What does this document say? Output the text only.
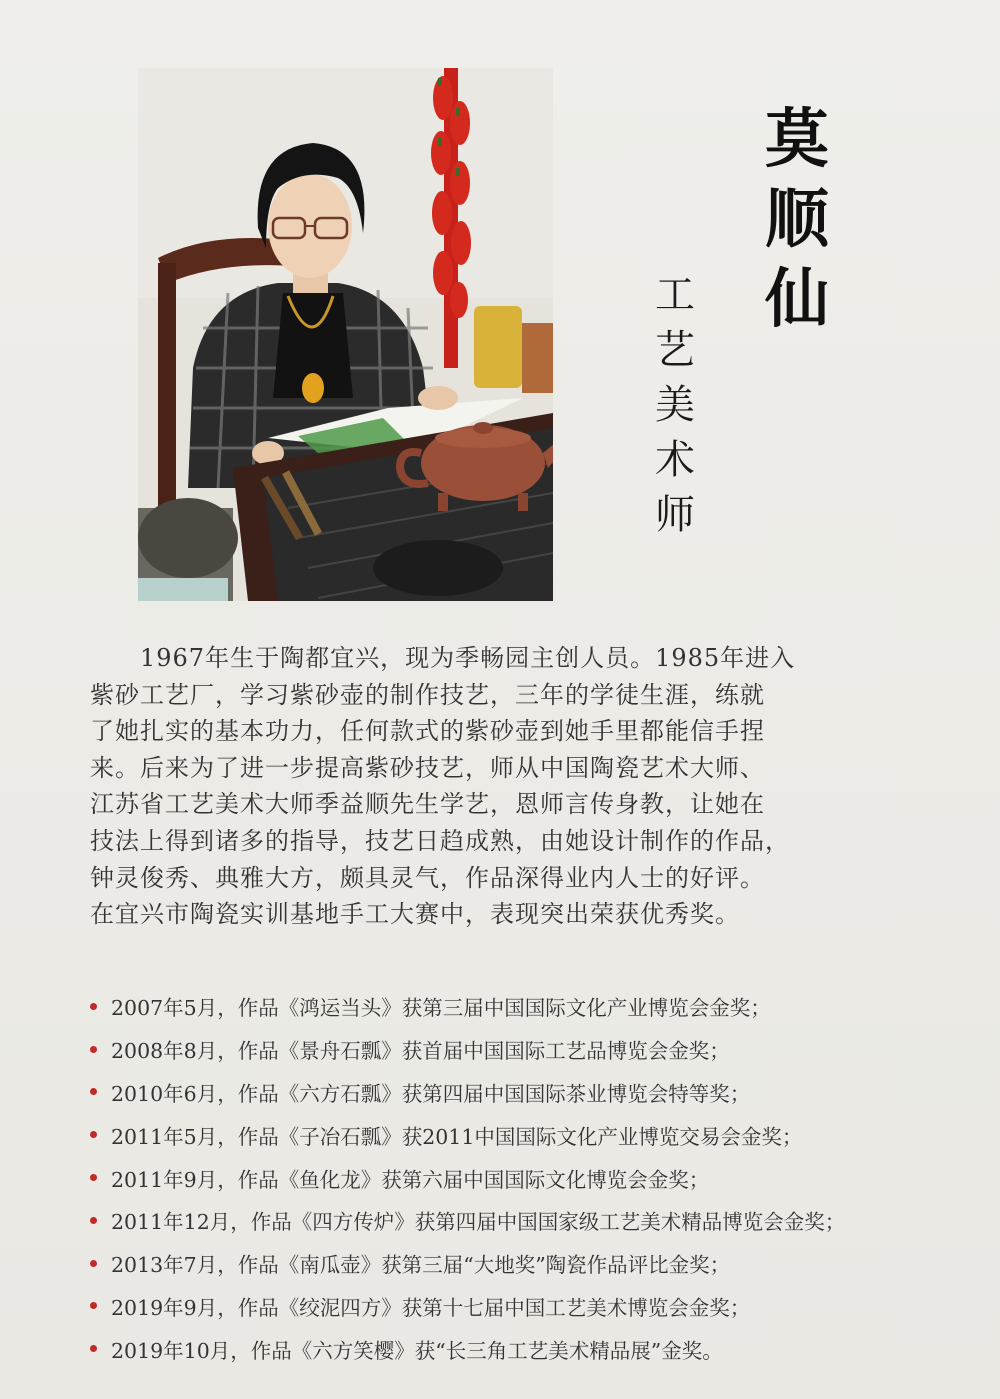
莫
顺
仙
工
艺
美
术
师
1967年生于陶都宜兴，现为季畅园主创人员。1985年进入
紫砂工艺厂，学习紫砂壶的制作技艺，三年的学徒生涯，练就
了她扎实的基本功力，任何款式的紫砂壶到她手里都能信手捏
来。后来为了进一步提高紫砂技艺，师从中国陶瓷艺术大师、
江苏省工艺美术大师季益顺先生学艺，恩师言传身教，让她在
技法上得到诸多的指导，技艺日趋成熟，由她设计制作的作品，
钟灵俊秀、典雅大方，颇具灵气，作品深得业内人士的好评。
在宜兴市陶瓷实训基地手工大赛中，表现突出荣获优秀奖。
2007年5月，作品《鸿运当头》获第三届中国国际文化产业博览会金奖；
2008年8月，作品《景舟石瓢》获首届中国国际工艺品博览会金奖；
2010年6月，作品《六方石瓢》获第四届中国国际茶业博览会特等奖；
2011年5月，作品《子冶石瓢》获2011中国国际文化产业博览交易会金奖；
2011年9月，作品《鱼化龙》获第六届中国国际文化博览会金奖；
2011年12月，作品《四方传炉》获第四届中国国家级工艺美术精品博览会金奖；
2013年7月，作品《南瓜壶》获第三届“大地奖”陶瓷作品评比金奖；
2019年9月，作品《绞泥四方》获第十七届中国工艺美术博览会金奖；
2019年10月，作品《六方笑樱》获“长三角工艺美术精品展”金奖。
